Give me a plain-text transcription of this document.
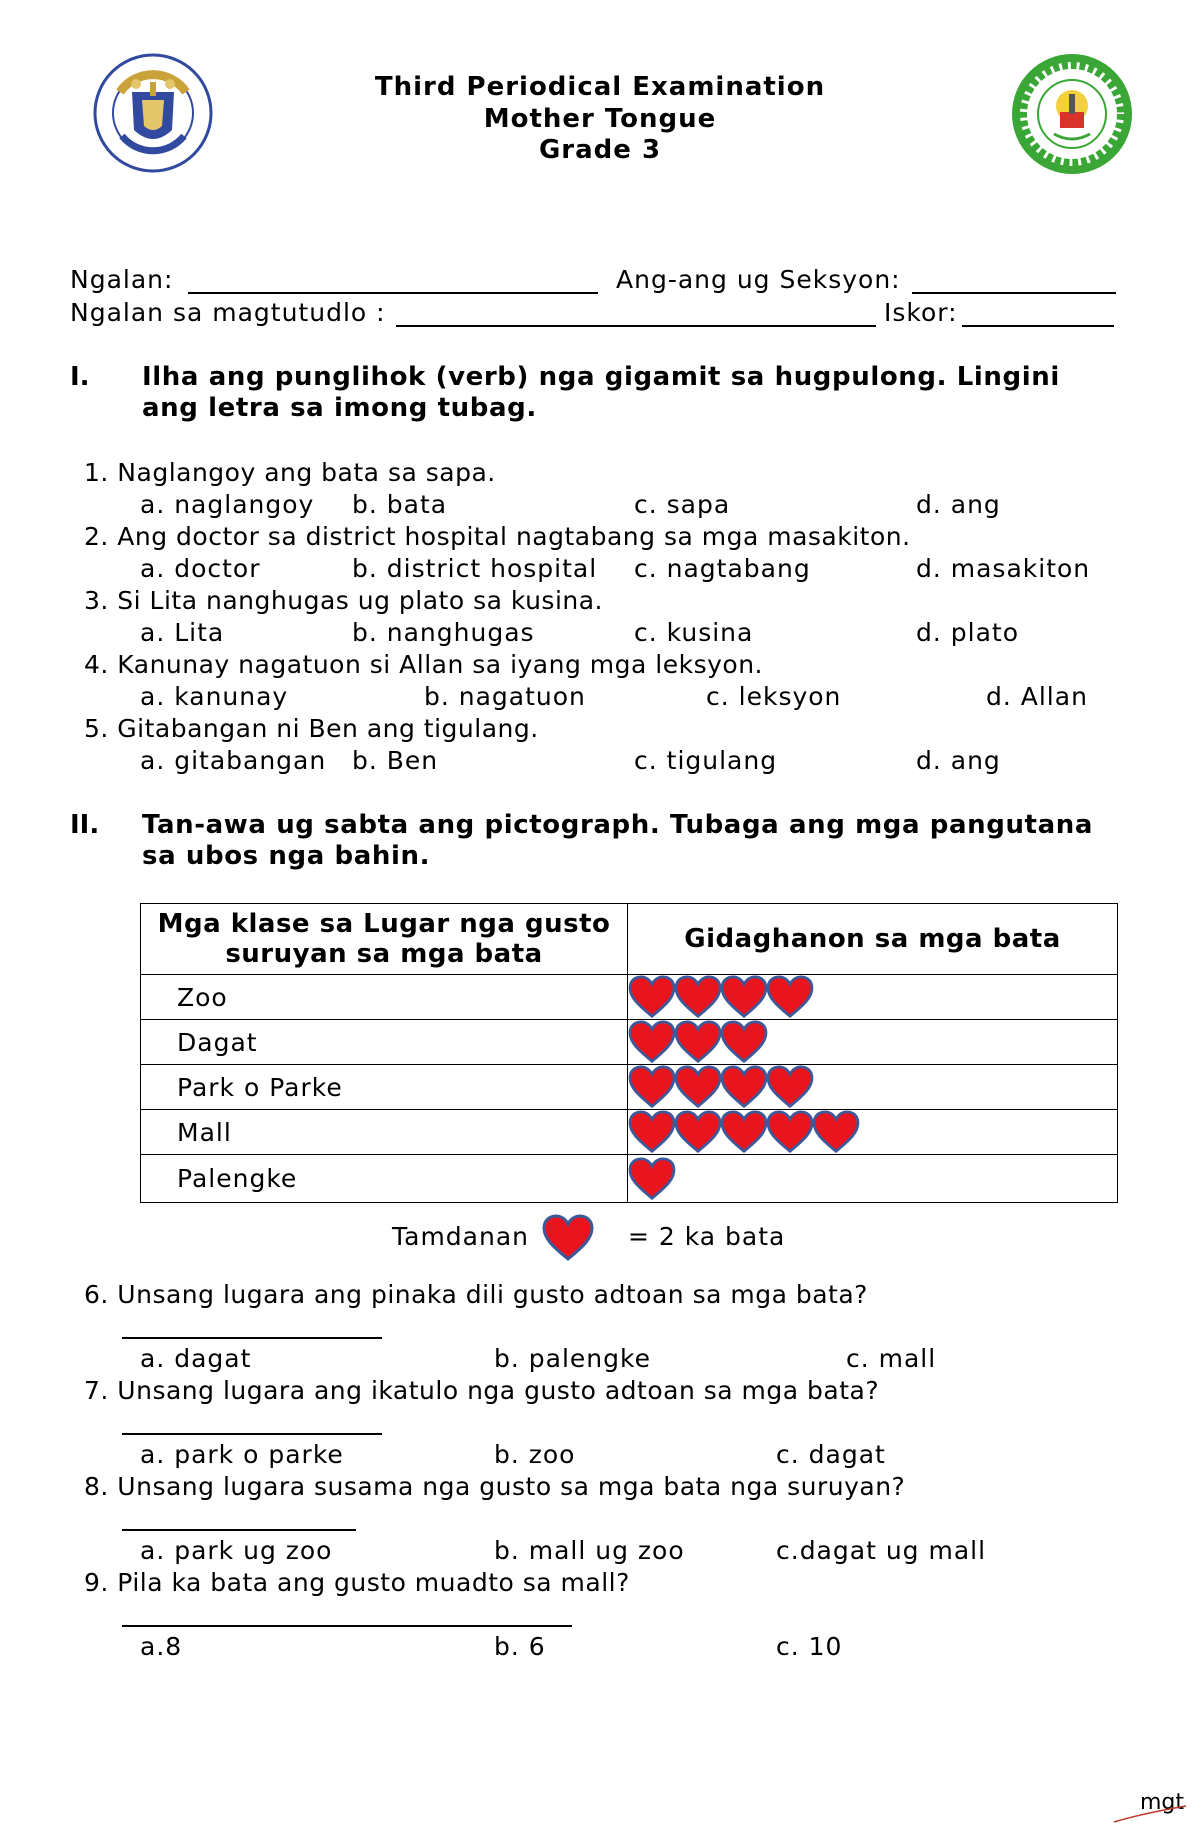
Third Periodical Examination
Mother Tongue
Grade 3
Ngalan:	Ang-ang ug Seksyon:
Ngalan sa magtutudlo :	Iskor:
I. Ilha ang punglihok (verb) nga gigamit sa hugpulong. Lingini ang letra sa imong tubag.
1. Naglangoy ang bata sa sapa.
a. naglangoy b. bata	c. sapa	d. ang
2. Ang doctor sa district hospital nagtabang sa mga masakiton.
a. doctor	b. district hospital c. nagtabang	d. masakiton
3. Si Lita nanghugas ug plato sa kusina.
a. Lita	b. nanghugas	c. kusina	d. plato
4. Kanunay nagatuon si Allan sa iyang mga leksyon.
a. kanunay	b. nagatuon	c. leksyon	d. Allan
5. Gitabangan ni Ben ang tigulang.
a. gitabangan b. Ben	c. tigulang	d. ang
II. Tan-awa ug sabta ang pictograph. Tubaga ang mga pangutana sa ubos nga bahin.
Mga klase sa Lugar nga gusto suruyan sa mga bata	Gidaghanon sa mga bata
Zoo	
Dagat	
Park o Parke	
Mall	
Palengke	
Tamdanan	= 2 ka bata
6. Unsang lugara ang pinaka dili gusto adtoan sa mga bata?
a. dagat	b. palengke	c. mall
7. Unsang lugara ang ikatulo nga gusto adtoan sa mga bata?
a. park o parke	b. zoo	c. dagat
8. Unsang lugara susama nga gusto sa mga bata nga suruyan?
a. park ug zoo	b. mall ug zoo	c.dagat ug mall
9. Pila ka bata ang gusto muadto sa mall?
a.8	b. 6	c. 10
mgt
